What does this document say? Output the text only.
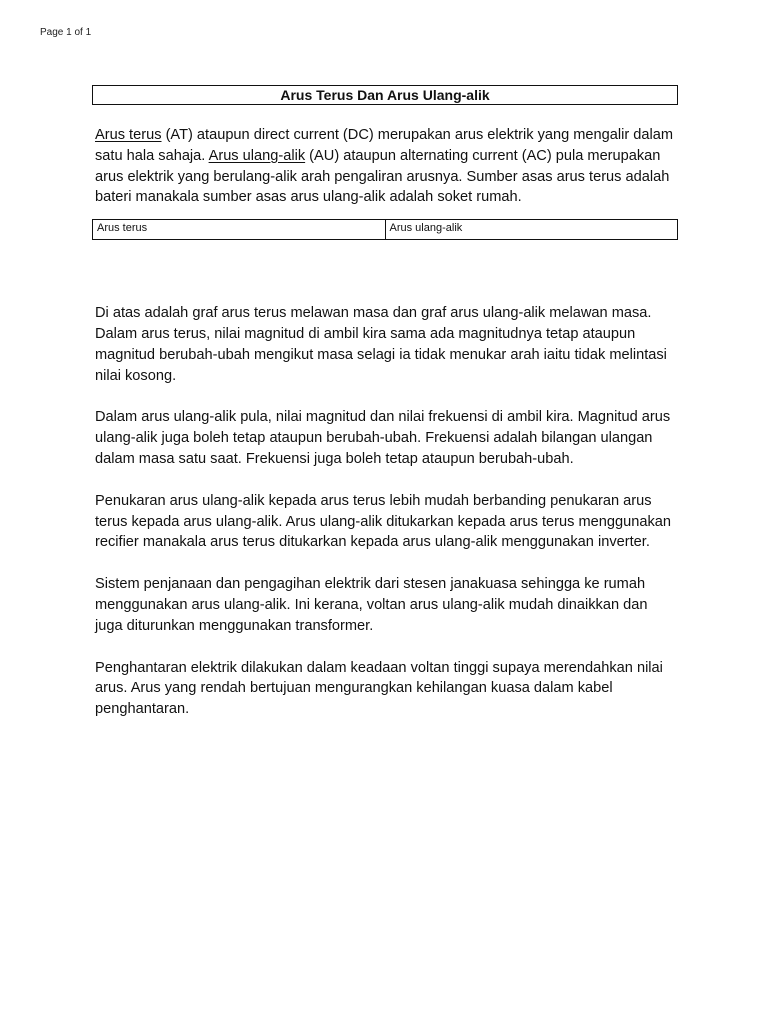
Page 1 of 1
Arus Terus Dan Arus Ulang-alik

Arus terus (AT) ataupun direct current (DC) merupakan arus elektrik yang mengalir dalam satu hala sahaja. Arus ulang-alik (AU) ataupun alternating current (AC) pula merupakan arus elektrik yang berulang-alik arah pengaliran arusnya. Sumber asas arus terus adalah bateri manakala sumber asas arus ulang-alik adalah soket rumah.

Arus terus	Arus ulang-alik

Di atas adalah graf arus terus melawan masa dan graf arus ulang-alik melawan masa. Dalam arus terus, nilai magnitud di ambil kira sama ada magnitudnya tetap ataupun magnitud berubah-ubah mengikut masa selagi ia tidak menukar arah iaitu tidak melintasi nilai kosong.

Dalam arus ulang-alik pula, nilai magnitud dan nilai frekuensi di ambil kira. Magnitud arus ulang-alik juga boleh tetap ataupun berubah-ubah. Frekuensi adalah bilangan ulangan dalam masa satu saat. Frekuensi juga boleh tetap ataupun berubah-ubah.

Penukaran arus ulang-alik kepada arus terus lebih mudah berbanding penukaran arus terus kepada arus ulang-alik. Arus ulang-alik ditukarkan kepada arus terus menggunakan recifier manakala arus terus ditukarkan kepada arus ulang-alik menggunakan inverter.

Sistem penjanaan dan pengagihan elektrik dari stesen janakuasa sehingga ke rumah menggunakan arus ulang-alik. Ini kerana, voltan arus ulang-alik mudah dinaikkan dan juga diturunkan menggunakan transformer.

Penghantaran elektrik dilakukan dalam keadaan voltan tinggi supaya merendahkan nilai arus. Arus yang rendah bertujuan mengurangkan kehilangan kuasa dalam kabel penghantaran.
